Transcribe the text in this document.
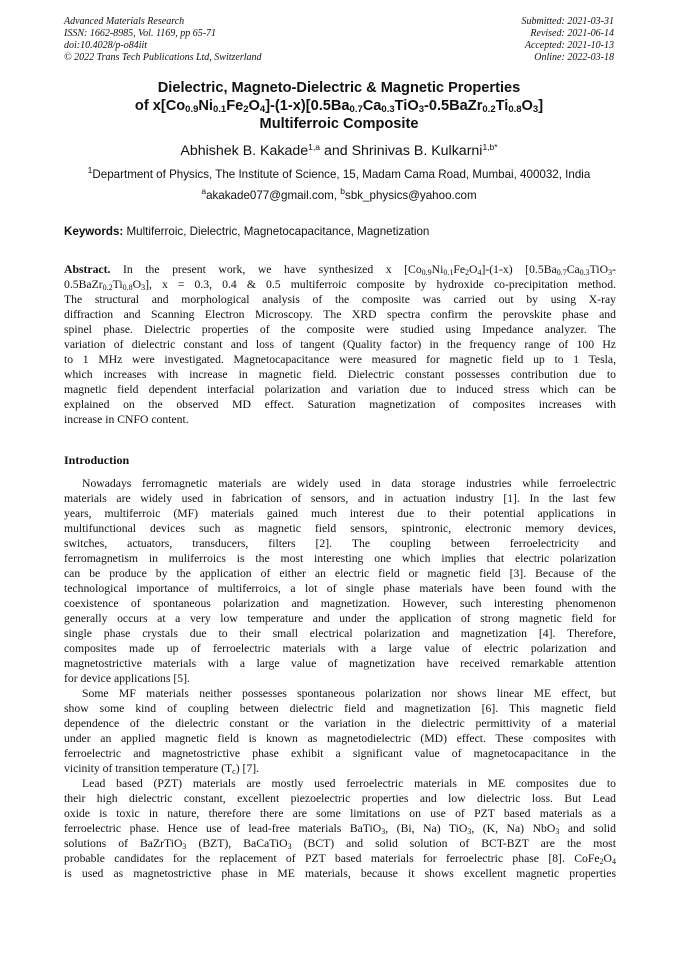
Advanced Materials Research
ISSN: 1662-8985, Vol. 1169, pp 65-71
doi:10.4028/p-o84iit
© 2022 Trans Tech Publications Ltd, Switzerland
Submitted: 2021-03-31
Revised: 2021-06-14
Accepted: 2021-10-13
Online: 2022-03-18
Dielectric, Magneto-Dielectric & Magnetic Properties
of $x[Co_{0.9}Ni_{0.1}Fe_2O_4]-(1-x)[0.5Ba_{0.7}Ca_{0.3}TiO_3-0.5BaZr_{0.2}Ti_{0.8}O_3]$
Multiferroic Composite
Abhishek B. Kakade$^{1,a}$ and Shrinivas B. Kulkarni$^{1,b*}$
$^1$Department of Physics, The Institute of Science, 15, Madam Cama Road, Mumbai, 400032, India
$^a$akakade077@gmail.com, $^b$sbk_physics@yahoo.com
Keywords: Multiferroic, Dielectric, Magnetocapacitance, Magnetization
Abstract. In the present work, we have synthesized x $[Co_{0.9}Ni_{0.1}Fe_2O_4]-(1-x)$ [$0.5Ba_{0.7}Ca_{0.3}TiO_3-$
$0.5BaZr_{0.2}Ti_{0.8}O_3$], x = 0.3, 0.4 & 0.5 multiferroic composite by hydroxide co-precipitation method.
The structural and morphological analysis of the composite was carried out by using X-ray
diffraction and Scanning Electron Microscopy. The XRD spectra confirm the perovskite phase and
spinel phase. Dielectric properties of the composite were studied using Impedance analyzer. The
variation of dielectric constant and loss of tangent (Quality factor) in the frequency range of 100 Hz
to 1 MHz were investigated. Magnetocapacitance were measured for magnetic field up to 1 Tesla,
which increases with increase in magnetic field. Dielectric constant possesses contribution due to
magnetic field dependent interfacial polarization and variation due to induced stress which can be
explained on the observed MD effect. Saturation magnetization of composites increases with
increase in CNFO content.
Introduction
Nowadays ferromagnetic materials are widely used in data storage industries while ferroelectric
materials are widely used in fabrication of sensors, and in actuation industry [1]. In the last few
years, multiferroic (MF) materials gained much interest due to their potential applications in
multifunctional devices such as magnetic field sensors, spintronic, electronic memory devices,
switches, actuators, transducers, filters [2]. The coupling between ferroelectricity and
ferromagnetism in muliferroics is the most interesting one which implies that electric polarization
can be produce by the application of either an electric field or magnetic field [3]. Because of the
technological importance of multiferroics, a lot of single phase materials have been found with the
coexistence of spontaneous polarization and magnetization. However, such interesting phenomenon
generally occurs at a very low temperature and under the application of strong magnetic field for
single phase crystals due to their small electrical polarization and magnetization [4]. Therefore,
composites made up of ferroelectric materials with a large value of electric polarization and
magnetostrictive materials with a large value of magnetization have received remarkable attention
for device applications [5].
Some MF materials neither possesses spontaneous polarization nor shows linear ME effect, but
show some kind of coupling between dielectric field and magnetization [6]. This magnetic field
dependence of the dielectric constant or the variation in the dielectric permittivity of a material
under an applied magnetic field is known as magnetodielectric (MD) effect. These composites with
ferroelectric and magnetostrictive phase exhibit a significant value of magnetocapacitance in the
vicinity of transition temperature $(T_c)$ [7].
Lead based (PZT) materials are mostly used ferroelectric materials in ME composites due to
their high dielectric constant, excellent piezoelectric properties and low dielectric loss. But Lead
oxide is toxic in nature, therefore there are some limitations on use of PZT based materials as a
ferroelectric phase. Hence use of lead-free materials BaTiO$_3$, (Bi, Na) TiO$_3$, (K, Na) NbO$_3$ and solid
solutions of BaZrTiO$_3$ (BZT), BaCaTiO$_3$ (BCT) and solid solution of BCT-BZT are the most
probable candidates for the replacement of PZT based materials for ferroelectric phase [8]. $CoFe_2O_4$
is used as magnetostrictive phase in ME materials, because it shows excellent magnetic properties
